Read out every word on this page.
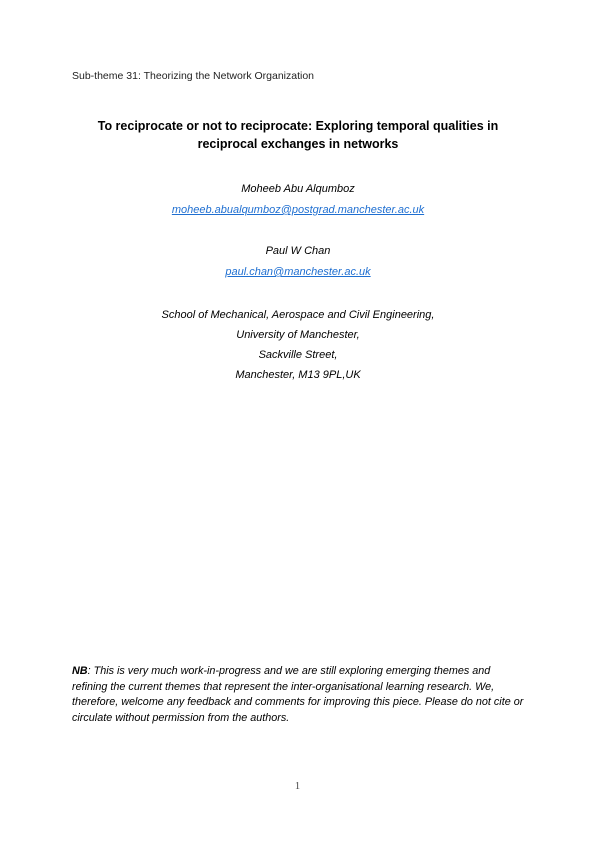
Sub-theme 31: Theorizing the Network Organization
To reciprocate or not to reciprocate: Exploring temporal qualities in
reciprocal exchanges in networks
Moheeb Abu Alqumboz
moheeb.abualqumboz@postgrad.manchester.ac.uk
Paul W Chan
paul.chan@manchester.ac.uk
School of Mechanical, Aerospace and Civil Engineering,
University of Manchester,
Sackville Street,
Manchester, M13 9PL,UK
NB: This is very much work-in-progress and we are still exploring emerging themes and refining the current themes that represent the inter-organisational learning research. We, therefore, welcome any feedback and comments for improving this piece. Please do not cite or circulate without permission from the authors.
1
